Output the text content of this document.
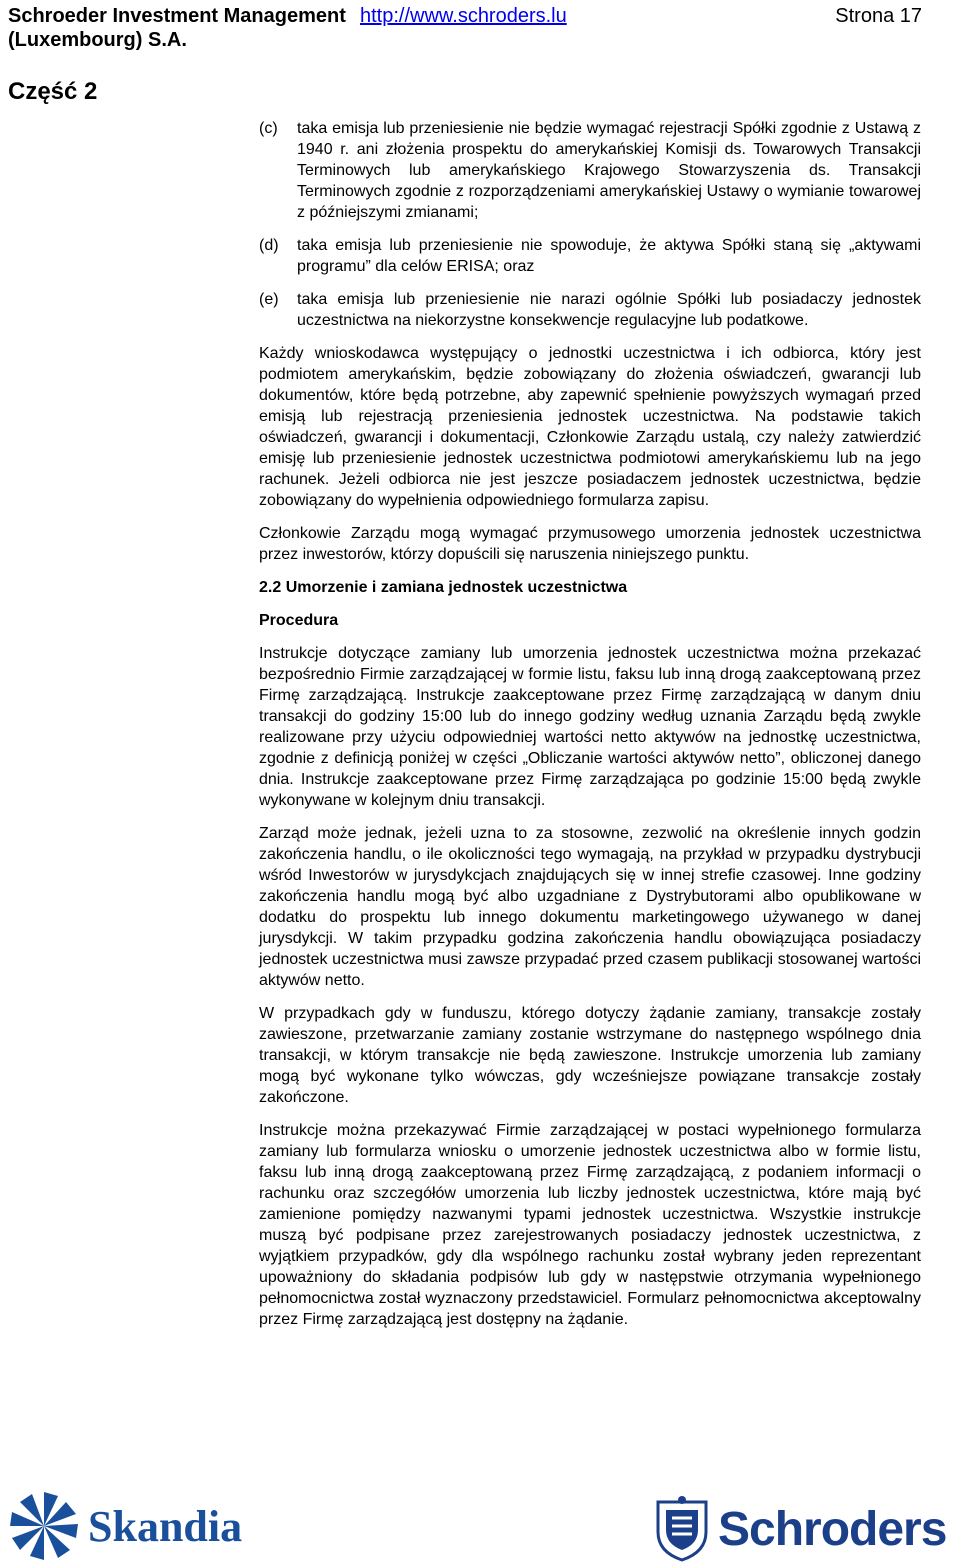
Schroeder Investment Management
(Luxembourg) S.A.
http://www.schroders.lu	Strona 17
Część 2
(c) taka emisja lub przeniesienie nie będzie wymagać rejestracji Spółki zgodnie z Ustawą z 1940 r. ani złożenia prospektu do amerykańskiej Komisji ds. Towarowych Transakcji Terminowych lub amerykańskiego Krajowego Stowarzyszenia ds. Transakcji Terminowych zgodnie z rozporządzeniami amerykańskiej Ustawy o wymianie towarowej z późniejszymi zmianami;
(d) taka emisja lub przeniesienie nie spowoduje, że aktywa Spółki staną się „aktywami programu” dla celów ERISA; oraz
(e) taka emisja lub przeniesienie nie narazi ogólnie Spółki lub posiadaczy jednostek uczestnictwa na niekorzystne konsekwencje regulacyjne lub podatkowe.

Każdy wnioskodawca występujący o jednostki uczestnictwa i ich odbiorca, który jest podmiotem amerykańskim, będzie zobowiązany do złożenia oświadczeń, gwarancji lub dokumentów, które będą potrzebne, aby zapewnić spełnienie powyższych wymagań przed emisją lub rejestracją przeniesienia jednostek uczestnictwa. Na podstawie takich oświadczeń, gwarancji i dokumentacji, Członkowie Zarządu ustalą, czy należy zatwierdzić emisję lub przeniesienie jednostek uczestnictwa podmiotowi amerykańskiemu lub na jego rachunek. Jeżeli odbiorca nie jest jeszcze posiadaczem jednostek uczestnictwa, będzie zobowiązany do wypełnienia odpowiedniego formularza zapisu.

Członkowie Zarządu mogą wymagać przymusowego umorzenia jednostek uczestnictwa przez inwestorów, którzy dopuścili się naruszenia niniejszego punktu.

2.2 Umorzenie i zamiana jednostek uczestnictwa
Procedura

Instrukcje dotyczące zamiany lub umorzenia jednostek uczestnictwa można przekazać bezpośrednio Firmie zarządzającej w formie listu, faksu lub inną drogą zaakceptowaną przez Firmę zarządzającą. Instrukcje zaakceptowane przez Firmę zarządzającą w danym dniu transakcji do godziny 15:00 lub do innego godziny według uznania Zarządu będą zwykle realizowane przy użyciu odpowiedniej wartości netto aktywów na jednostkę uczestnictwa, zgodnie z definicją poniżej w części „Obliczanie wartości aktywów netto”, obliczonej danego dnia. Instrukcje zaakceptowane przez Firmę zarządzająca po godzinie 15:00 będą zwykle wykonywane w kolejnym dniu transakcji.

Zarząd może jednak, jeżeli uzna to za stosowne, zezwolić na określenie innych godzin zakończenia handlu, o ile okoliczności tego wymagają, na przykład w przypadku dystrybucji wśród Inwestorów w jurysdykcjach znajdujących się w innej strefie czasowej. Inne godziny zakończenia handlu mogą być albo uzgadniane z Dystrybutorami albo opublikowane w dodatku do prospektu lub innego dokumentu marketingowego używanego w danej jurysdykcji. W takim przypadku godzina zakończenia handlu obowiązująca posiadaczy jednostek uczestnictwa musi zawsze przypadać przed czasem publikacji stosowanej wartości aktywów netto.

W przypadkach gdy w funduszu, którego dotyczy żądanie zamiany, transakcje zostały zawieszone, przetwarzanie zamiany zostanie wstrzymane do następnego wspólnego dnia transakcji, w którym transakcje nie będą zawieszone. Instrukcje umorzenia lub zamiany mogą być wykonane tylko wówczas, gdy wcześniejsze powiązane transakcje zostały zakończone.

Instrukcje można przekazywać Firmie zarządzającej w postaci wypełnionego formularza zamiany lub formularza wniosku o umorzenie jednostek uczestnictwa albo w formie listu, faksu lub inną drogą zaakceptowaną przez Firmę zarządzającą, z podaniem informacji o rachunku oraz szczegółów umorzenia lub liczby jednostek uczestnictwa, które mają być zamienione pomiędzy nazwanymi typami jednostek uczestnictwa. Wszystkie instrukcje muszą być podpisane przez zarejestrowanych posiadaczy jednostek uczestnictwa, z wyjątkiem przypadków, gdy dla wspólnego rachunku został wybrany jeden reprezentant upoważniony do składania podpisów lub gdy w następstwie otrzymania wypełnionego pełnomocnictwa został wyznaczony przedstawiciel. Formularz pełnomocnictwa akceptowalny przez Firmę zarządzającą jest dostępny na żądanie.

Skandia	Schroders
